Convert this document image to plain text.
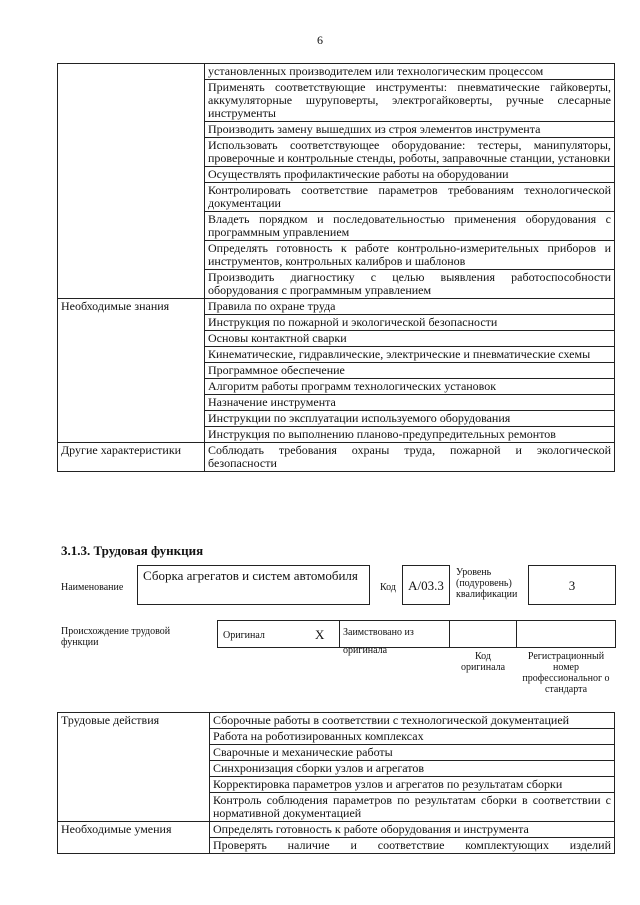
6
	установленных производителем или технологическим процессом
	Применять соответствующие инструменты: пневматические гайковерты, аккумуляторные шуруповерты, электрогайковерты, ручные слесарные инструменты
	Производить замену вышедших из строя элементов инструмента
	Использовать соответствующее оборудование: тестеры, манипуляторы, проверочные и контрольные стенды, роботы, заправочные станции, установки
	Осуществлять профилактические работы на оборудовании
	Контролировать соответствие параметров требованиям технологической документации
	Владеть порядком и последовательностью применения оборудования с программным управлением
	Определять готовность к работе контрольно-измерительных приборов и инструментов, контрольных калибров и шаблонов
	Производить диагностику с целью выявления работоспособности оборудования с программным управлением
Необходимые знания	Правила по охране труда
	Инструкция по пожарной и экологической безопасности
	Основы контактной сварки
	Кинематические, гидравлические, электрические и пневматические схемы
	Программное обеспечение
	Алгоритм работы программ технологических установок
	Назначение инструмента
	Инструкции по эксплуатации используемого оборудования
	Инструкция по выполнению планово-предупредительных ремонтов
Другие характеристики	Соблюдать требования охраны труда, пожарной и экологической безопасности
3.1.3. Трудовая функция
Наименование
Сборка агрегатов и систем автомобиля
Код A/03.3
Уровень (подуровень) квалификации
3
Происхождение трудовой функции
Оригинал	X	Заимствовано из оригинала
Код оригинала
Регистрационный номер профессиональног о стандарта
Трудовые действия	Сборочные работы в соответствии с технологической документацией
	Работа на роботизированных комплексах
	Сварочные и механические работы
	Синхронизация сборки узлов и агрегатов
	Корректировка параметров узлов и агрегатов по результатам сборки
	Контроль соблюдения параметров по результатам сборки в соответствии с нормативной документацией
Необходимые умения	Определять готовность к работе оборудования и инструмента
	Проверять наличие и соответствие комплектующих изделий
